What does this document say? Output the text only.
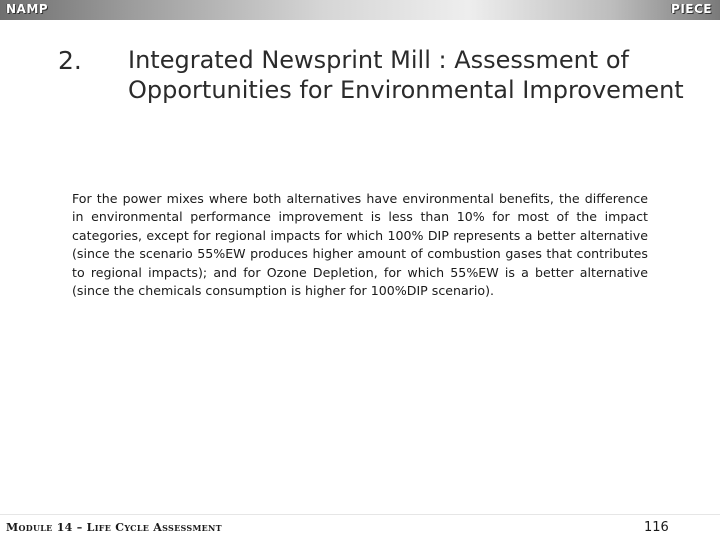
NAMP	PIECE
2. Integrated Newsprint Mill : Assessment of Opportunities for Environmental Improvement
For the power mixes where both alternatives have environmental benefits, the difference in environmental performance improvement is less than 10% for most of the impact categories, except for regional impacts for which 100% DIP represents a better alternative (since the scenario 55%EW produces higher amount of combustion gases that contributes to regional impacts); and for Ozone Depletion, for which 55%EW is a better alternative (since the chemicals consumption is higher for 100%DIP scenario).
Module 14 – Life Cycle Assessment	116
